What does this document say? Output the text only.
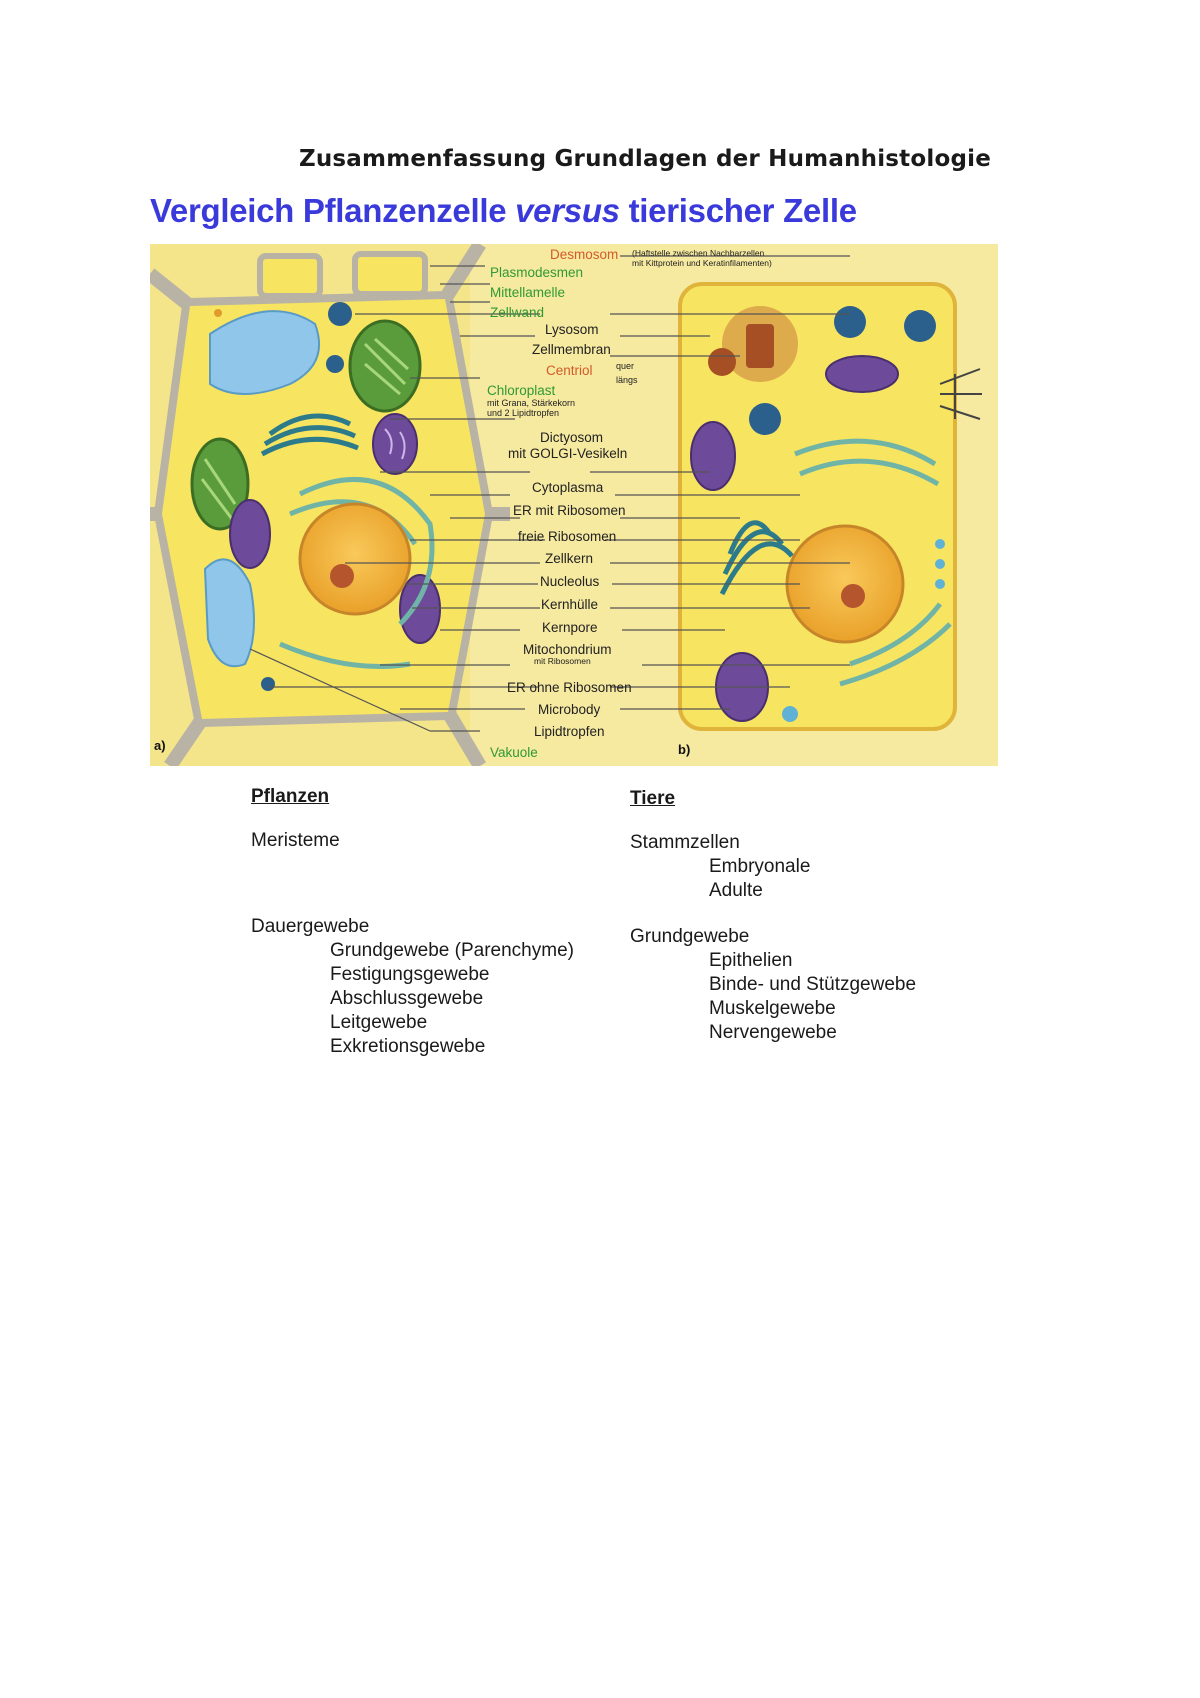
Zusammenfassung Grundlagen der Humanhistologie
Vergleich Pflanzenzelle versus tierischer Zelle
Desmosom (Haftstelle zwischen Nachbarzellen
mit Kittprotein und Keratinfilamenten)
Plasmodesmen
Mittellamelle
Zellwand
Lysosom
Zellmembran
Centriol	quer
längs
Chloroplast
mit Grana, Stärkekorn
und 2 Lipidtropfen
Dictyosom
mit GOLGI-Vesikeln
Cytoplasma
ER mit Ribosomen
freie Ribosomen
Zellkern
Nucleolus
Kernhülle
Kernpore
Mitochondrium
mit Ribosomen
ER ohne Ribosomen
Microbody
Lipidtropfen
Vakuole
a)	b)
Pflanzen
Meristeme
Dauergewebe
Grundgewebe (Parenchyme)
Festigungsgewebe
Abschlussgewebe
Leitgewebe
Exkretionsgewebe
Tiere
Stammzellen
Embryonale
Adulte
Grundgewebe
Epithelien
Binde- und Stützgewebe
Muskelgewebe
Nervengewebe
